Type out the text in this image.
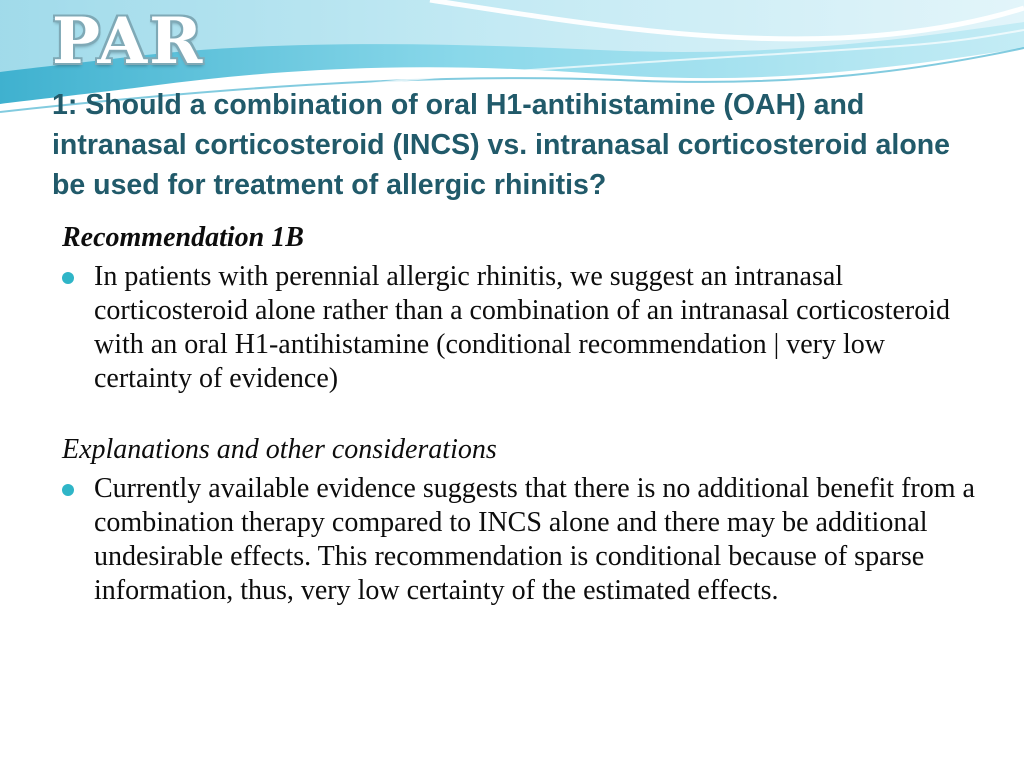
PAR
1: Should a combination of oral H1-antihistamine (OAH) and intranasal corticosteroid (INCS) vs. intranasal corticosteroid alone be used for treatment of allergic rhinitis?

Recommendation 1B

In patients with perennial allergic rhinitis, we suggest an intranasal corticosteroid alone rather than a combination of an intranasal corticosteroid with an oral H1-antihistamine (conditional recommendation | very low certainty of evidence)

Explanations and other considerations

Currently available evidence suggests that there is no additional benefit from a combination therapy compared to INCS alone and there may be additional undesirable effects. This recommendation is conditional because of sparse information, thus, very low certainty of the estimated effects.
